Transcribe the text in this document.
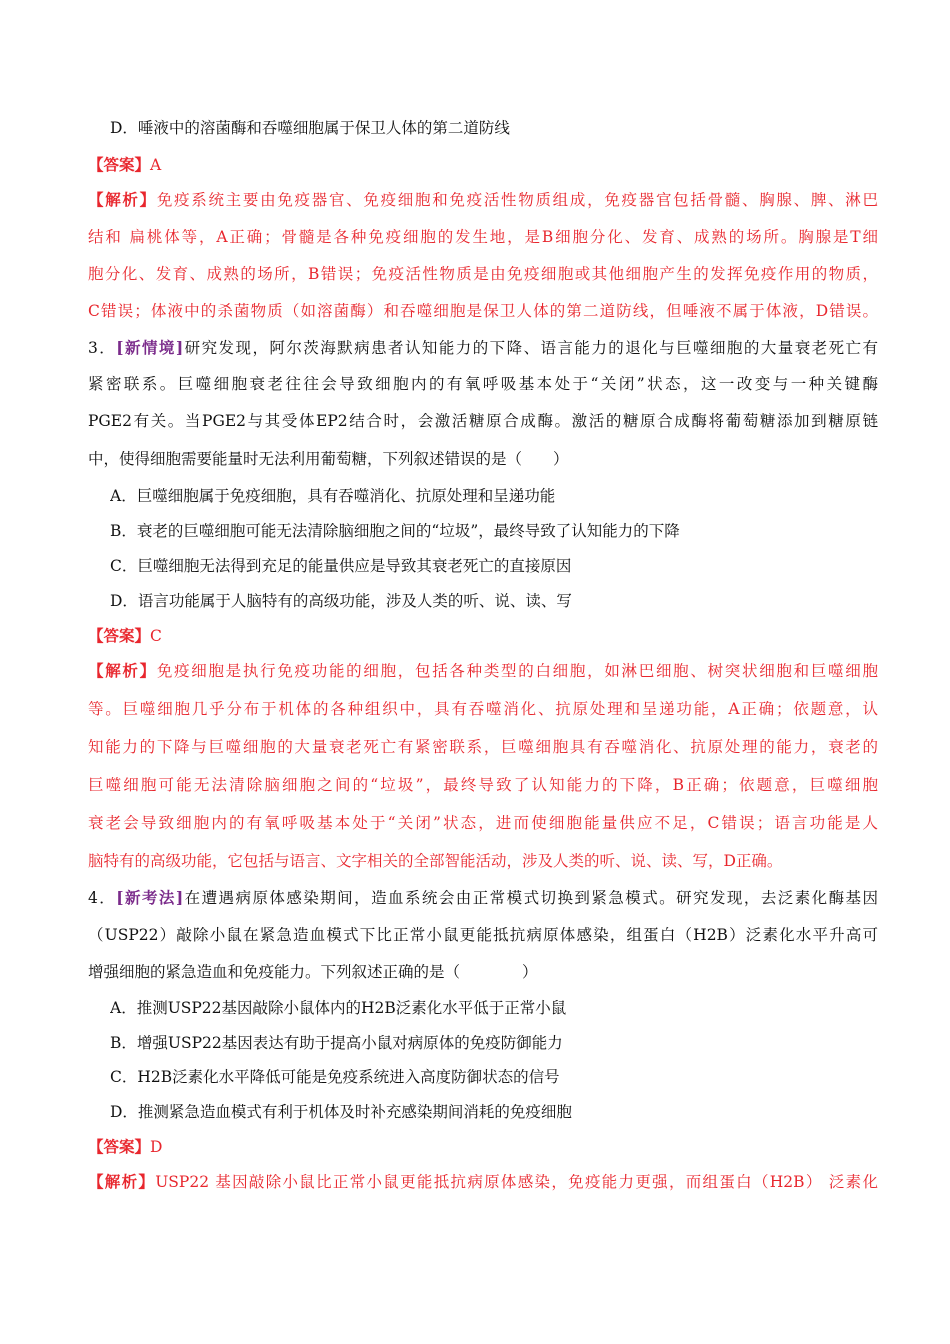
D．唾液中的溶菌酶和吞噬细胞属于保卫人体的第二道防线
【答案】A
【解析】免疫系统主要由免疫器官、免疫细胞和免疫活性物质组成，免疫器官包括骨髓、胸腺、脾、淋巴
结和 扁桃体等，A正确；骨髓是各种免疫细胞的发生地，是B细胞分化、发育、成熟的场所。胸腺是T细
胞分化、发育、成熟的场所，B错误；免疫活性物质是由免疫细胞或其他细胞产生的发挥免疫作用的物质，
C错误；体液中的杀菌物质（如溶菌酶）和吞噬细胞是保卫人体的第二道防线，但唾液不属于体液，D错误。
3．[新情境]研究发现，阿尔茨海默病患者认知能力的下降、语言能力的退化与巨噬细胞的大量衰老死亡有
紧密联系。巨噬细胞衰老往往会导致细胞内的有氧呼吸基本处于“关闭”状态，这一改变与一种关键酶
PGE2有关。当PGE2与其受体EP2结合时，会激活糖原合成酶。激活的糖原合成酶将葡萄糖添加到糖原链
中，使得细胞需要能量时无法利用葡萄糖，下列叙述错误的是（　　）
A．巨噬细胞属于免疫细胞，具有吞噬消化、抗原处理和呈递功能
B．衰老的巨噬细胞可能无法清除脑细胞之间的“垃圾”，最终导致了认知能力的下降
C．巨噬细胞无法得到充足的能量供应是导致其衰老死亡的直接原因
D．语言功能属于人脑特有的高级功能，涉及人类的听、说、读、写
【答案】C
【解析】免疫细胞是执行免疫功能的细胞，包括各种类型的白细胞，如淋巴细胞、树突状细胞和巨噬细胞
等。巨噬细胞几乎分布于机体的各种组织中，具有吞噬消化、抗原处理和呈递功能，A正确；依题意，认
知能力的下降与巨噬细胞的大量衰老死亡有紧密联系，巨噬细胞具有吞噬消化、抗原处理的能力，衰老的
巨噬细胞可能无法清除脑细胞之间的“垃圾”，最终导致了认知能力的下降，B正确；依题意，巨噬细胞
衰老会导致细胞内的有氧呼吸基本处于“关闭”状态，进而使细胞能量供应不足，C错误；语言功能是人
脑特有的高级功能，它包括与语言、文字相关的全部智能活动，涉及人类的听、说、读、写，D正确。
4．[新考法]在遭遇病原体感染期间，造血系统会由正常模式切换到紧急模式。研究发现，去泛素化酶基因
（USP22）敲除小鼠在紧急造血模式下比正常小鼠更能抵抗病原体感染，组蛋白（H2B）泛素化水平升高可
增强细胞的紧急造血和免疫能力。下列叙述正确的是（　　　　）
A．推测USP22基因敲除小鼠体内的H2B泛素化水平低于正常小鼠
B．增强USP22基因表达有助于提高小鼠对病原体的免疫防御能力
C．H2B泛素化水平降低可能是免疫系统进入高度防御状态的信号
D．推测紧急造血模式有利于机体及时补充感染期间消耗的免疫细胞
【答案】D
【解析】USP22 基因敲除小鼠比正常小鼠更能抵抗病原体感染，免疫能力更强，而组蛋白（H2B） 泛素化
